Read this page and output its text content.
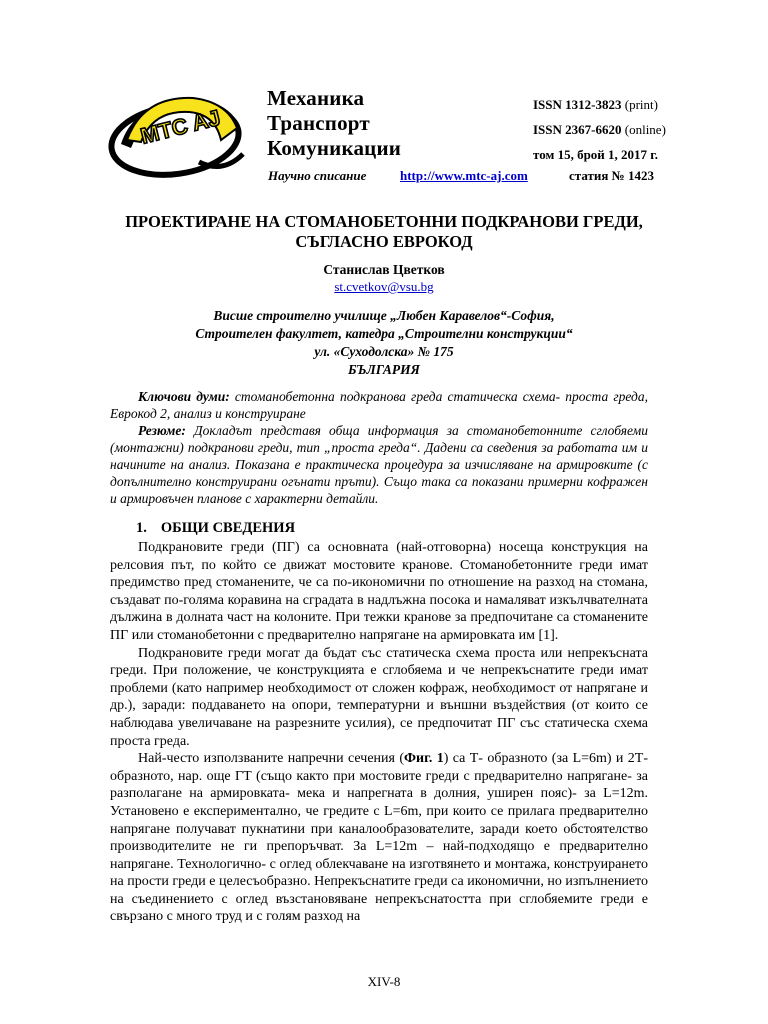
MTC AJ
Механика
Транспорт
Комуникации
ISSN 1312-3823 (print)
ISSN 2367-6620 (online)
том 15, брой 1, 2017 г.
Научно списание	http://www.mtc-aj.com	статия № 1423
ПРОЕКТИРАНЕ НА СТОМАНОБЕТОННИ ПОДКРАНОВИ ГРЕДИ,
СЪГЛАСНО ЕВРОКОД
Станислав Цветков
st.cvetkov@vsu.bg
Висше строително училище „Любен Каравелов“-София,
Строителен факултет, катедра „Строителни конструкции“
ул. «Суходолска» № 175
БЪЛГАРИЯ

Ключови думи: стоманобетонна подкранова греда статическа схема- проста греда, Еврокод 2, анализ и конструиране

Резюме: Докладът представя обща информация за стоманобетонните сглобяеми (монтажни) подкранови греди, тип „проста греда“. Дадени са сведения за работата им и начините на анализ. Показана е практическа процедура за изчисляване на армировките (с допълнително конструирани огънати пръти). Също така са показани примерни кофражен и армировъчен планове с характерни детайли.

1. ОБЩИ СВЕДЕНИЯ

Подкрановите греди (ПГ) са основната (най-отговорна) носеща конструкция на релсовия път, по който се движат мостовите кранове. Стоманобетонните греди имат предимство пред стоманените, че са по-икономични по отношение на разход на стомана, създават по-голяма коравина на сградата в надлъжна посока и намаляват изкълчвателната дължина в долната част на колоните. При тежки кранове за предпочитане са стоманените ПГ или стоманобетонни с предварително напрягане на армировката им [1].

Подкрановите греди могат да бъдат със статическа схема проста или непрекъсната греди. При положение, че конструкцията е сглобяема и че непрекъснатите греди имат проблеми (като например необходимост от сложен кофраж, необходимост от напрягане и др.), заради: поддаването на опори, температурни и външни въздействия (от които се наблюдава увеличаване на разрезните усилия), се предпочитат ПГ със статическа схема проста греда.

Най-често използваните напречни сечения (Фиг. 1) са Т- образното (за L=6m) и 2Т- образното, нар. още ГТ (също както при мостовите греди с предварително напрягане- за разполагане на армировката- мека и напрегната в долния, уширен пояс)- за L=12m. Установено е експериментално, че гредите с L=6m, при които се прилага предварително напрягане получават пукнатини при каналообразователите, заради което обстоятелство производителите не ги препоръчват. За L=12m – най-подходящо е предварително напрягане. Технологично- с оглед облекчаване на изготвянето и монтажа, конструирането на прости греди е целесъобразно. Непрекъснатите греди са икономични, но изпълнението на съединението с оглед възстановяване непрекъснатостта при сглобяемите греди е свързано с много труд и с голям разход на

XIV-8
